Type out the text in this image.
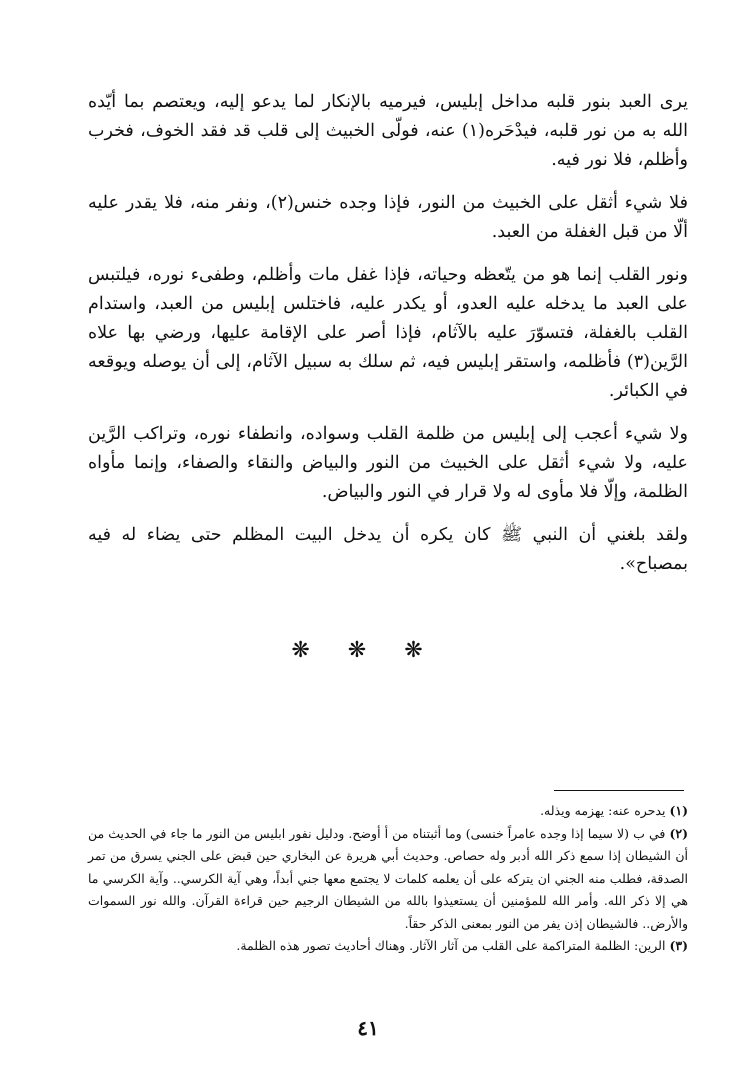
يرى العبد بنور قلبه مداخل إبليس، فيرميه بالإنكار لما يدعو إليه، ويعتصم بما أيّده الله به من نور قلبه، فيدْحَره(١) عنه، فولّى الخبيث إلى قلب قد فقد الخوف، فخرب وأظلم، فلا نور فيه.

فلا شيء أثقل على الخبيث من النور، فإذا وجده خنس(٢)، ونفر منه، فلا يقدر عليه ألّا من قبل الغفلة من العبد.

ونور القلب إنما هو من يتّعظه وحياته، فإذا غفل مات وأظلم، وطفىء نوره، فيلتبس على العبد ما يدخله عليه العدو، أو يكدر عليه، فاختلس إبليس من العبد، واستدام القلب بالغفلة، فتسوّرَ عليه بالآثام، فإذا أصر على الإقامة عليها، ورضي بها علاه الرَّين(٣) فأظلمه، واستقر إبليس فيه، ثم سلك به سبيل الآثام، إلى أن يوصله ويوقعه في الكبائر.

ولا شيء أعجب إلى إبليس من ظلمة القلب وسواده، وانطفاء نوره، وتراكب الرَّين عليه، ولا شيء أثقل على الخبيث من النور والبياض والنقاء والصفاء، وإنما مأواه الظلمة، وإلّا فلا مأوى له ولا قرار في النور والبياض.

ولقد بلغني أن النبي ﷺ كان يكره أن يدخل البيت المظلم حتى يضاء له فيه بمصباح».

❋❋❋

(١) يدحره عنه: يهزمه ويذله.

(٢) في ب (لا سيما إذا وجده عامراً خنسى) وما أثبتناه من أ أوضح. ودليل نفور ابليس من النور ما جاء في الحديث من أن الشيطان إذا سمع ذكر الله أدبر وله حصاص. وحديث أبي هريرة عن البخاري حين قبض على الجني يسرق من تمر الصدقة، فطلب منه الجني ان يتركه على أن يعلمه كلمات لا يجتمع معها جني أبداً، وهي آية الكرسي.. وآية الكرسي ما هي إلا ذكر الله. وأمر الله للمؤمنين أن يستعيذوا بالله من الشيطان الرجيم حين قراءة القرآن. والله نور السموات والأرض.. فالشيطان إذن يفر من النور بمعنى الذكر حقاً.

(٣) الرين: الظلمة المتراكمة على القلب من آثار الآثار. وهناك أحاديث تصور هذه الظلمة.

٤١
